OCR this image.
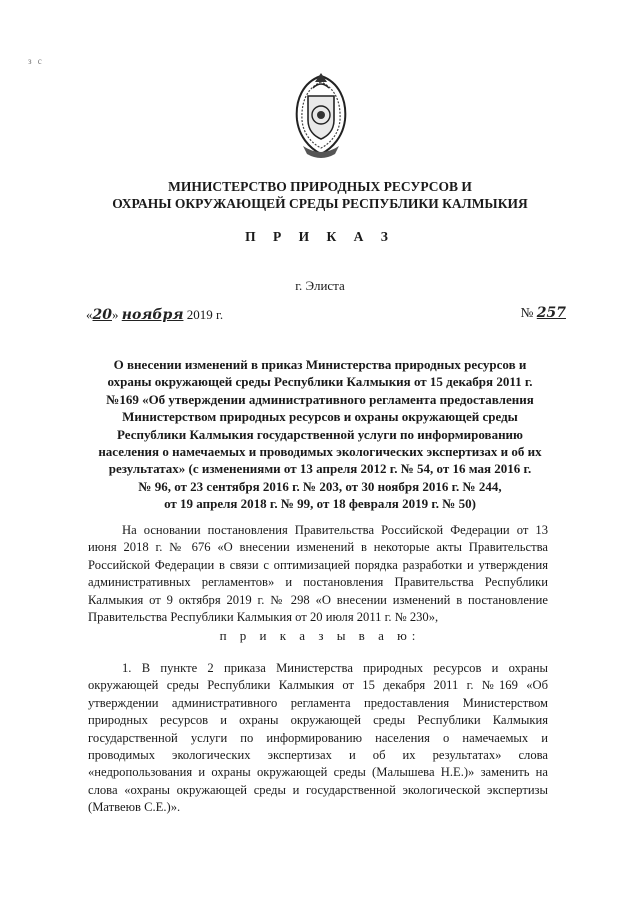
з с
МИНИСТЕРСТВО ПРИРОДНЫХ РЕСУРСОВ И
ОХРАНЫ ОКРУЖАЮЩЕЙ СРЕДЫ РЕСПУБЛИКИ КАЛМЫКИЯ
П Р И К А З
г. Элиста
«20» ноября 2019 г.	№ 257
О внесении изменений в приказ Министерства природных ресурсов и
охраны окружающей среды Республики Калмыкия от 15 декабря 2011 г.
№169 «Об утверждении административного регламента предоставления
Министерством природных ресурсов и охраны окружающей среды
Республики Калмыкия государственной услуги по информированию
населения о намечаемых и проводимых экологических экспертизах и об их
результатах» (с изменениями от 13 апреля 2012 г. № 54, от 16 мая 2016 г.
№ 96, от 23 сентября 2016 г. № 203, от 30 ноября 2016 г. № 244,
от 19 апреля 2018 г. № 99, от 18 февраля 2019 г. № 50)
На основании постановления Правительства Российской Федерации от 13 июня 2018 г. № 676 «О внесении изменений в некоторые акты Правительства Российской Федерации в связи с оптимизацией порядка разработки и утверждения административных регламентов» и постановления Правительства Республики Калмыкия от 9 октября 2019 г. № 298 «О внесении изменений в постановление Правительства Республики Калмыкия от 20 июля 2011 г. № 230»,
п р и к а з ы в а ю:
1. В пункте 2 приказа Министерства природных ресурсов и охраны окружающей среды Республики Калмыкия от 15 декабря 2011 г. №169 «Об утверждении административного регламента предоставления Министерством природных ресурсов и охраны окружающей среды Республики Калмыкия государственной услуги по информированию населения о намечаемых и проводимых экологических экспертизах и об их результатах» слова «недропользования и охраны окружающей среды (Малышева Н.Е.)» заменить на слова «охраны окружающей среды и государственной экологической экспертизы (Матвеюв С.Е.)».
